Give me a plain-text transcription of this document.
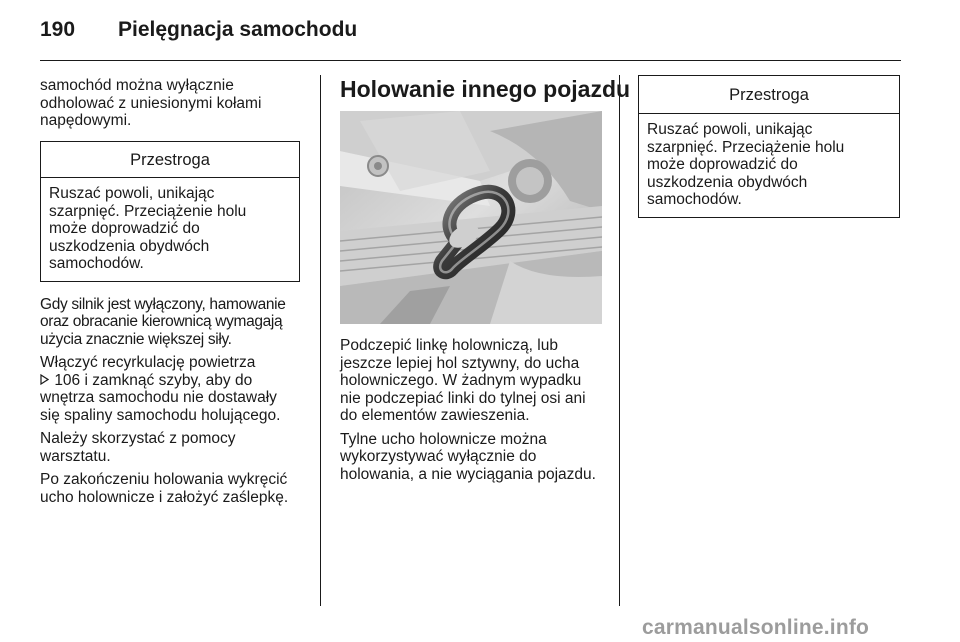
190 Pielęgnacja samochodu

samochód można wyłącznie
odholować z uniesionymi kołami
napędowymi.

Przestroga
Ruszać powoli, unikając
szarpnięć. Przeciążenie holu
może doprowadzić do
uszkodzenia obydwóch
samochodów.

Gdy silnik jest wyłączony, hamowanie
oraz obracanie kierownicą wymagają
użycia znacznie większej siły.

Włączyć recyrkulację powietrza
106 i zamknąć szyby, aby do
wnętrza samochodu nie dostawały
się spaliny samochodu holującego.

Należy skorzystać z pomocy
warsztatu.

Po zakończeniu holowania wykręcić
ucho holownicze i założyć zaślepkę.

Holowanie innego pojazdu

Podczepić linkę holowniczą, lub
jeszcze lepiej hol sztywny, do ucha
holowniczego. W żadnym wypadku
nie podczepiać linki do tylnej osi ani
do elementów zawieszenia.

Tylne ucho holownicze można
wykorzystywać wyłącznie do
holowania, a nie wyciągania pojazdu.

Przestroga
Ruszać powoli, unikając
szarpnięć. Przeciążenie holu
może doprowadzić do
uszkodzenia obydwóch
samochodów.
carmanualsonline.info
